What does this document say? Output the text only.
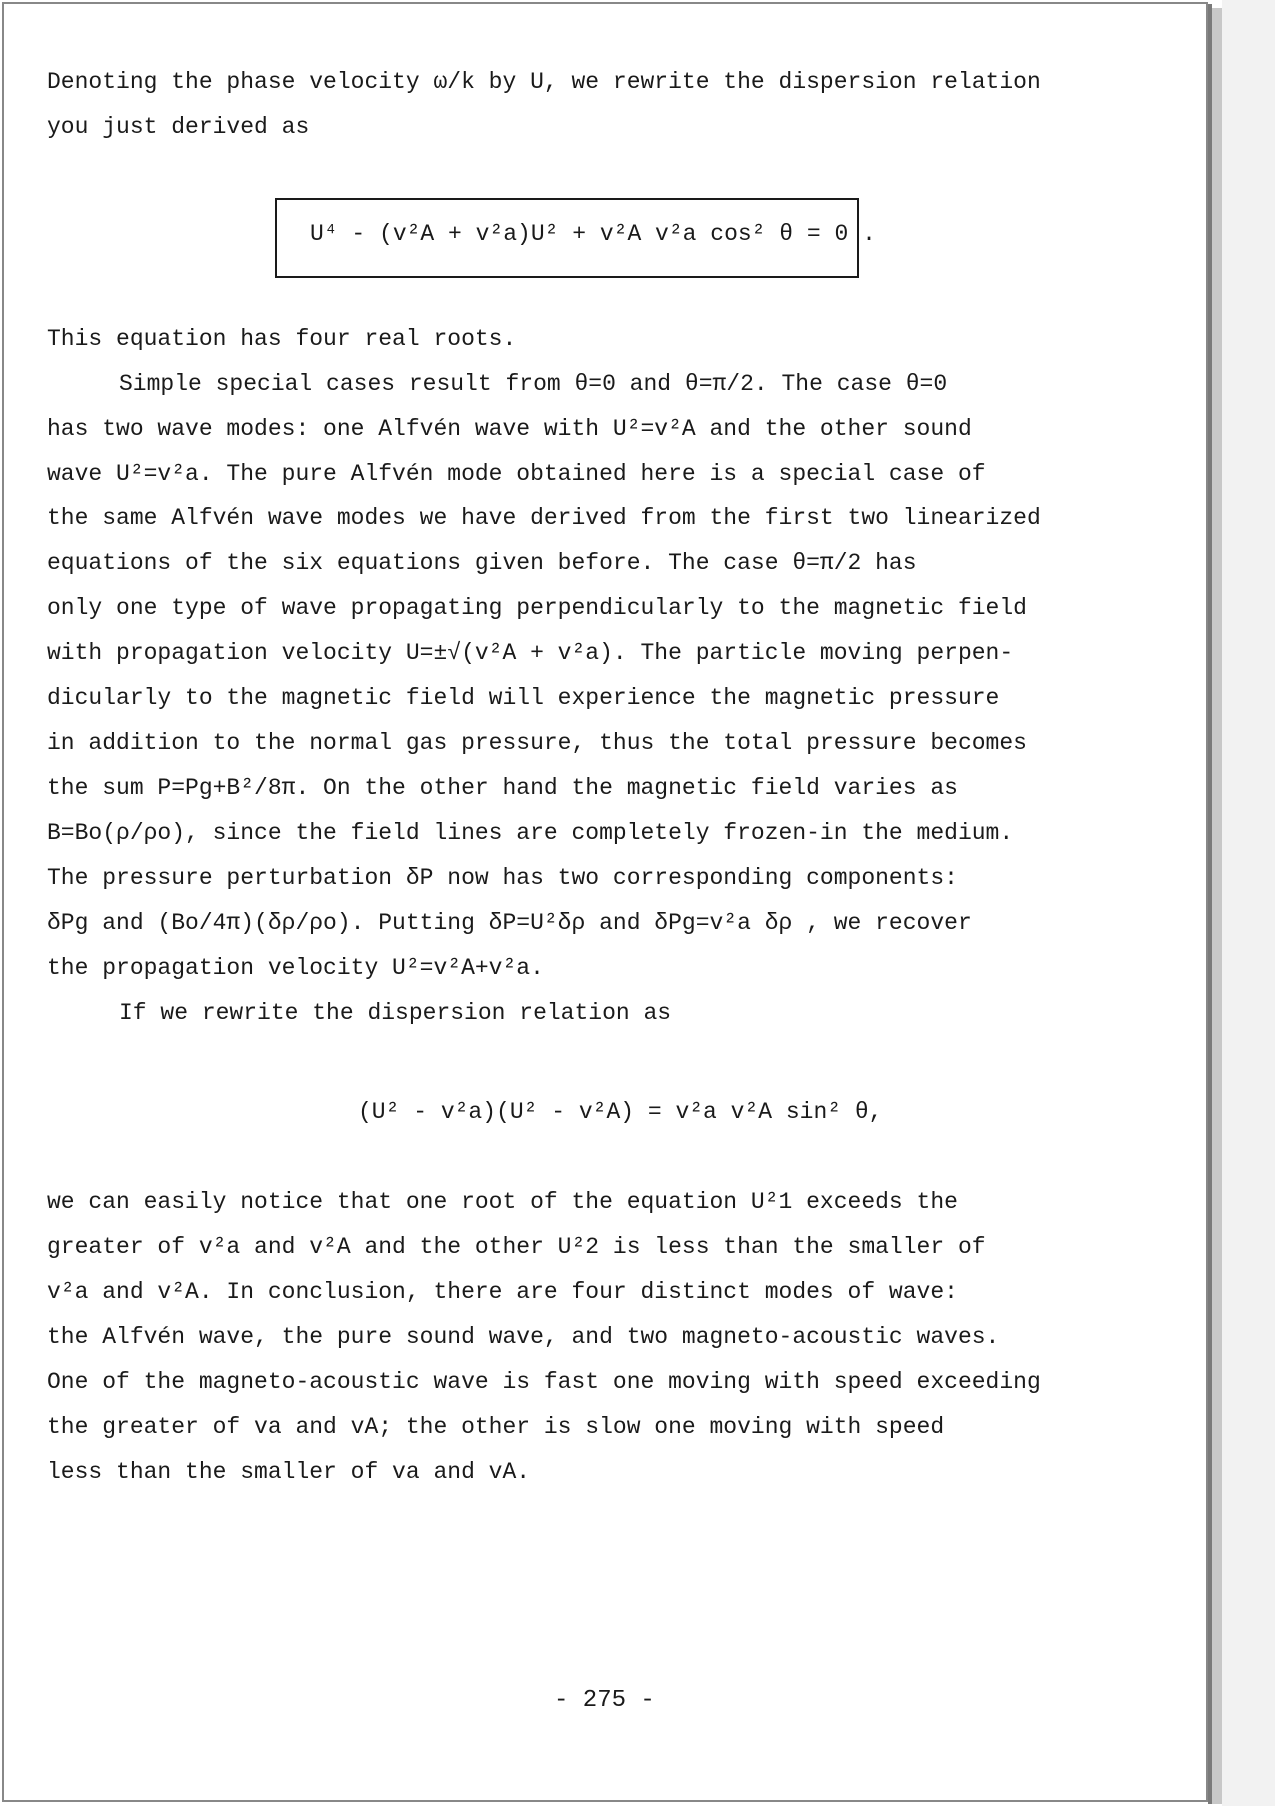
Denoting the phase velocity ω/k by U, we rewrite the dispersion relation
you just derived as
U⁴ - (v²A + v²a)U² + v²A v²a cos² θ = 0 .
This equation has four real roots.
Simple special cases result from θ=0 and θ=π/2. The case θ=0
has two wave modes: one Alfvén wave with U²=v²A and the other sound
wave U²=v²a. The pure Alfvén mode obtained here is a special case of
the same Alfvén wave modes we have derived from the first two linearized
equations of the six equations given before. The case θ=π/2 has
only one type of wave propagating perpendicularly to the magnetic field
with propagation velocity U=±√(v²A + v²a). The particle moving perpen-
dicularly to the magnetic field will experience the magnetic pressure
in addition to the normal gas pressure, thus the total pressure becomes
the sum P=Pg+B²/8π. On the other hand the magnetic field varies as
B=Bo(ρ/ρo), since the field lines are completely frozen-in the medium.
The pressure perturbation δP now has two corresponding components:
δPg and (Bo/4π)(δρ/ρo). Putting δP=U²δρ and δPg=v²a δρ , we recover
the propagation velocity U²=v²A+v²a.
If we rewrite the dispersion relation as
(U² - v²a)(U² - v²A) = v²a v²A sin² θ,
we can easily notice that one root of the equation U²1 exceeds the
greater of v²a and v²A and the other U²2 is less than the smaller of
v²a and v²A. In conclusion, there are four distinct modes of wave:
the Alfvén wave, the pure sound wave, and two magneto-acoustic waves.
One of the magneto-acoustic wave is fast one moving with speed exceeding
the greater of va and vA; the other is slow one moving with speed
less than the smaller of va and vA.
- 275 -
